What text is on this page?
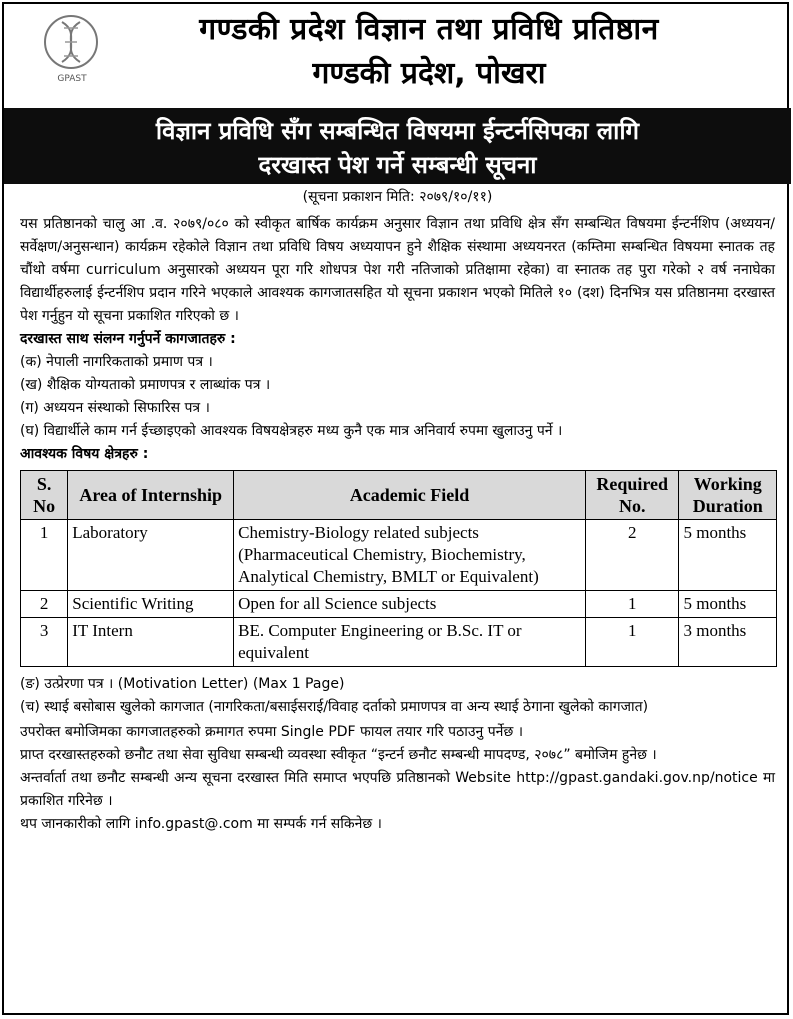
GPAST
गण्डकी प्रदेश विज्ञान तथा प्रविधि प्रतिष्ठान
गण्डकी प्रदेश, पोखरा
विज्ञान प्रविधि सँग सम्बन्धित विषयमा ईन्टर्नसिपका लागि
दरखास्त पेश गर्ने सम्बन्धी सूचना

(सूचना प्रकाशन मिति: २०७९/१०/११)

यस प्रतिष्ठानको चालु आ .व. २०७९/०८० को स्वीकृत बार्षिक कार्यक्रम अनुसार विज्ञान तथा प्रविधि क्षेत्र सँग सम्बन्धित विषयमा ईन्टर्नशिप (अध्ययन/सर्वेक्षण/अनुसन्धान) कार्यक्रम रहेकोले विज्ञान तथा प्रविधि विषय अध्ययापन हुने शैक्षिक संस्थामा अध्ययनरत (कम्तिमा सम्बन्धित विषयमा स्नातक तह चौंथो वर्षमा curriculum अनुसारको अध्ययन पूरा गरि शोधपत्र पेश गरी नतिजाको प्रतिक्षामा रहेका) वा स्नातक तह पुरा गरेको २ वर्ष ननाघेका विद्यार्थीहरुलाई ईन्टर्नशिप प्रदान गरिने भएकाले आवश्यक कागजातसहित यो सूचना प्रकाशन भएको मितिले १० (दश) दिनभित्र यस प्रतिष्ठानमा दरखास्त पेश गर्नुहुन यो सूचना प्रकाशित गरिएको छ ।

दरखास्त साथ संलग्न गर्नुपर्ने कागजातहरु :

(क) नेपाली नागरिकताको प्रमाण पत्र ।

(ख) शैक्षिक योग्यताको प्रमाणपत्र र लाब्धांक पत्र ।

(ग) अध्ययन संस्थाको सिफारिस पत्र ।

(घ) विद्यार्थीले काम गर्न ईच्छाइएको आवश्यक विषयक्षेत्रहरु मध्य कुनै एक मात्र अनिवार्य रुपमा खुलाउनु पर्ने ।

आवश्यक विषय क्षेत्रहरु :

S. No	Area of Internship	Academic Field	Required No.	Working Duration
1	Laboratory	Chemistry-Biology related subjects (Pharmaceutical Chemistry, Biochemistry, Analytical Chemistry, BMLT or Equivalent)	2	5 months
2	Scientific Writing	Open for all Science subjects	1	5 months
3	IT Intern	BE. Computer Engineering or B.Sc. IT or equivalent	1	3 months

(ङ) उत्प्रेरणा पत्र । (Motivation Letter) (Max 1 Page)

(च) स्थाई बसोबास खुलेको कागजात (नागरिकता/बसाईसराई/विवाह दर्ताको प्रमाणपत्र वा अन्य स्थाई ठेगाना खुलेको कागजात)

उपरोक्त बमोजिमका कागजातहरुको क्रमागत रुपमा Single PDF फायल तयार गरि पठाउनु पर्नेछ ।

प्राप्त दरखास्तहरुको छनौट तथा सेवा सुविधा सम्बन्धी व्यवस्था स्वीकृत “इन्टर्न छनौट सम्बन्धी मापदण्ड, २०७८” बमोजिम हुनेछ ।

अन्तर्वार्ता तथा छनौट सम्बन्धी अन्य सूचना दरखास्त मिति समाप्त भएपछि प्रतिष्ठानको Website http://gpast.gandaki.gov.np/notice मा प्रकाशित गरिनेछ ।

थप जानकारीको लागि info.gpast@.com मा सम्पर्क गर्न सकिनेछ ।
